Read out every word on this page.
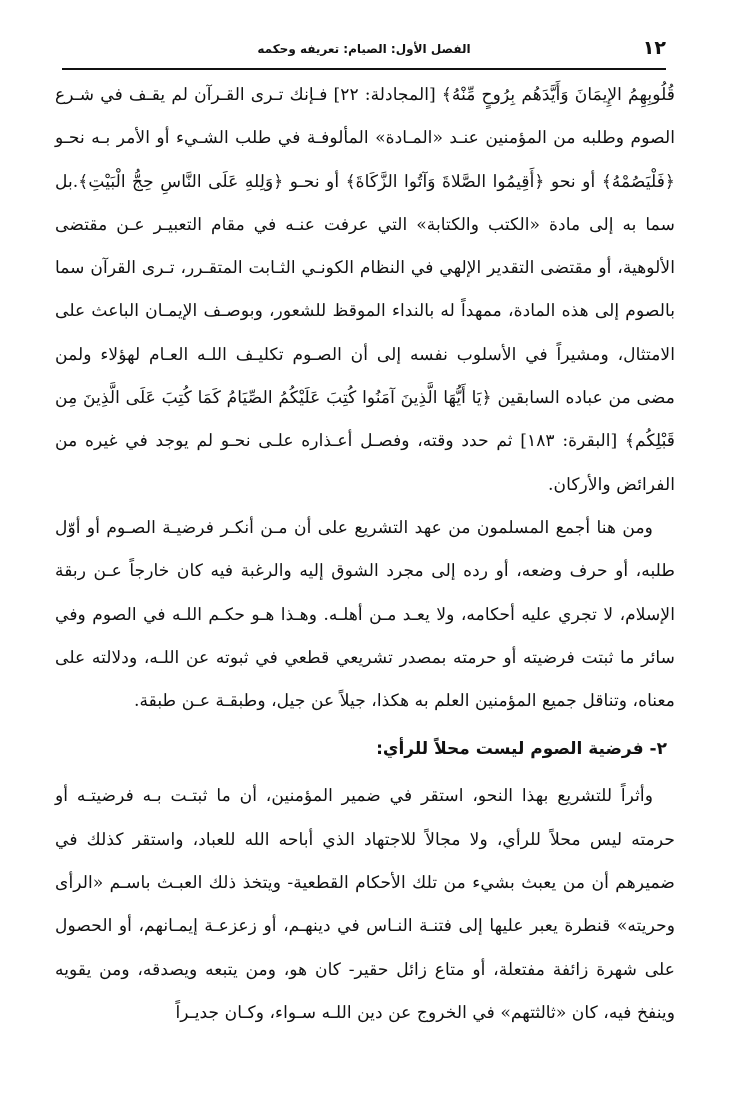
١٢
الفصل الأول: الصيام: تعريفه وحكمه

قُلُوبِهِمُ الإِيمَانَ وَأَيَّدَهُم بِرُوحٍ مِّنْهُ﴾ [المجادلة: ٢٢] فـإنك تـرى القـرآن لم يقـف في شـرع الصوم وطلبه من المؤمنين عنـد «المـادة» المألوفـة في طلب الشـيء أو الأمر بـه نحـو ﴿فَلْيَصُمْهُ﴾ أو نحو ﴿أَقِيمُوا الصَّلاةَ وَآتُوا الزَّكَاةَ﴾ أو نحـو ﴿وَلِلهِ عَلَى النَّاسِ حِجُّ الْبَيْتِ﴾.بل سما به إلى مادة «الكتب والكتابة» التي عرفت عنـه في مقام التعبيـر عـن مقتضى الألوهية، أو مقتضى التقدير الإلهي في النظام الكونـي الثـابت المتقـرر، تـرى القرآن سما بالصوم إلى هذه المادة، ممهداً له بالنداء الموقظ للشعور، وبوصـف الإيمـان الباعث على الامتثال، ومشيراً في الأسلوب نفسه إلى أن الصـوم تكليـف اللـه العـام لهؤلاء ولمن مضى من عباده السابقين ﴿يَا أَيُّهَا الَّذِينَ آمَنُوا كُتِبَ عَلَيْكُمُ الصِّيَامُ كَمَا كُتِبَ عَلَى الَّذِينَ مِن قَبْلِكُم﴾ [البقرة: ١٨٣] ثم حدد وقته، وفصـل أعـذاره علـى نحـو لم يوجد في غيره من الفرائض والأركان.

ومن هنا أجمع المسلمون من عهد التشريع على أن مـن أنكـر فرضيـة الصـوم أو أوّل طلبه، أو حرف وضعه، أو رده إلى مجرد الشوق إليه والرغبة فيه كان خارجاً عـن ربقة الإسلام، لا تجري عليه أحكامه، ولا يعـد مـن أهلـه. وهـذا هـو حكـم اللـه في الصوم وفي سائر ما ثبتت فرضيته أو حرمته بمصدر تشريعي قطعي في ثبوته عن اللـه، ودلالته على معناه، وتناقل جميع المؤمنين العلم به هكذا، جيلاً عن جيل، وطبقـة عـن طبقة.

٢- فرضية الصوم ليست محلاً للرأي:

وأثراً للتشريع بهذا النحو، استقر في ضمير المؤمنين، أن ما ثبتـت بـه فرضيتـه أو حرمته ليس محلاً للرأي، ولا مجالاً للاجتهاد الذي أباحه الله للعباد، واستقر كذلك في ضميرهم أن من يعبث بشيء من تلك الأحكام القطعية- ويتخذ ذلك العبـث باسـم «الرأى وحريته» قنطرة يعبر عليها إلى فتنـة النـاس في دينهـم، أو زعزعـة إيمـانهم، أو الحصول على شهرة زائفة مفتعلة، أو متاع زائل حقير- كان هو، ومن يتبعه ويصدقه، ومن يقويه وينفخ فيه، كان «ثالثتهم» في الخروج عن دين اللـه سـواء، وكـان جديـراً
